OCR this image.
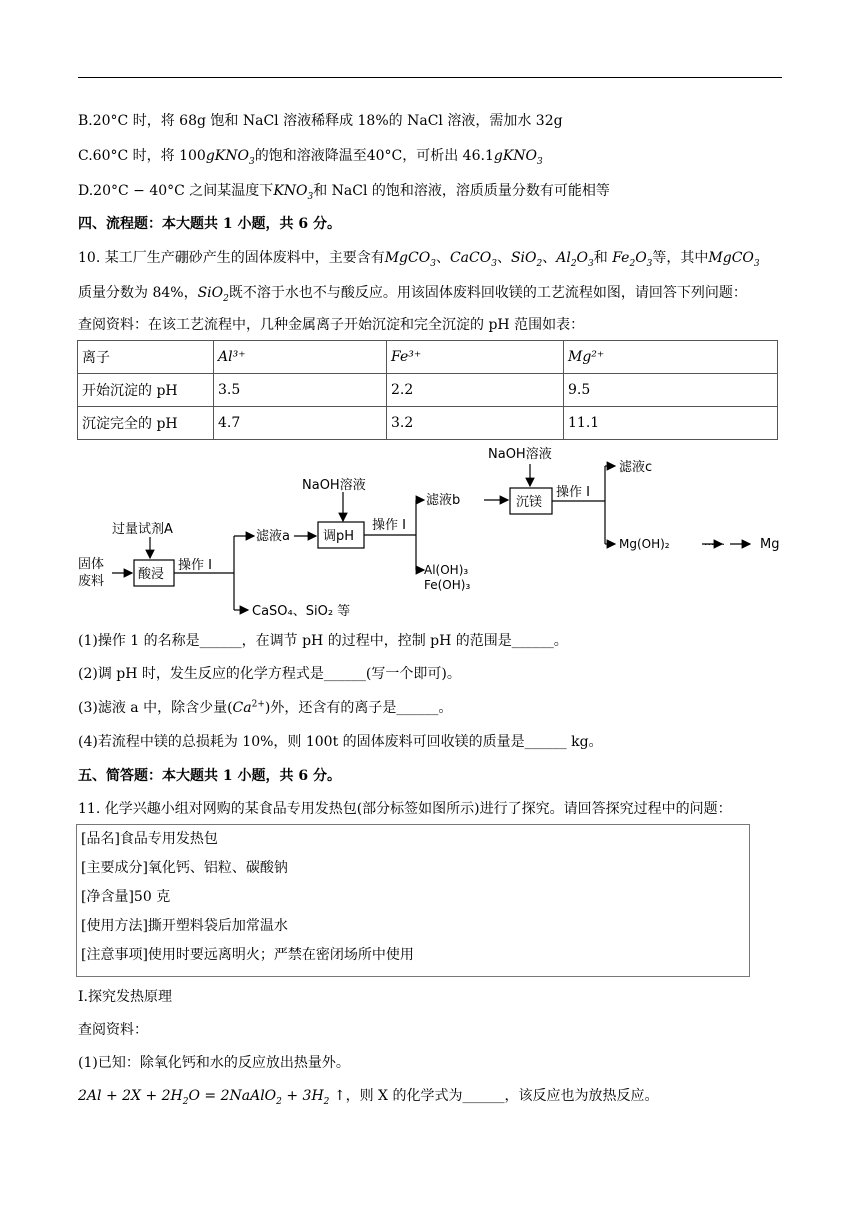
B.20°C 时，将 68g 饱和 NaCl 溶液稀释成 18%的 NaCl 溶液，需加水 32g
C.60°C 时，将 100gKNO$_3$的饱和溶液降温至40°C，可析出 46.1gKNO$_3$
D.20°C − 40°C 之间某温度下$KNO_3$和 NaCl 的饱和溶液，溶质质量分数有可能相等
四、流程题：本大题共 1 小题，共 6 分。
10. 某工厂生产硼砂产生的固体废料中，主要含有MgCO$_3$、CaCO$_3$、SiO$_2$、$Al_2O_3$和 $Fe_2O_3$等，其中MgCO$_3$
质量分数为 84%，SiO$_2$既不溶于水也不与酸反应。用该固体废料回收镁的工艺流程如图，请回答下列问题：
查阅资料：在该工艺流程中，几种金属离子开始沉淀和完全沉淀的 pH 范围如表：
离子	Al³⁺	Fe³⁺	Mg²⁺
开始沉淀的 pH	3.5	2.2	9.5
沉淀完全的 pH	4.7	3.2	11.1
固体
废料
过量试剂A
酸浸
操作 I
滤液a
NaOH溶液
调pH
操作 I
滤液b
NaOH溶液
沉镁
操作 I
滤液c
Mg(OH)₂	······	Mg
Al(OH)₃
Fe(OH)₃
CaSO₄、SiO₂ 等
(1)操作 1 的名称是______，在调节 pH 的过程中，控制 pH 的范围是______。
(2)调 pH 时，发生反应的化学方程式是______(写一个即可)。
(3)滤液 a 中，除含少量$(Ca^{2+})$外，还含有的离子是______。
(4)若流程中镁的总损耗为 10%，则 100t 的固体废料可回收镁的质量是______ kg。
五、简答题：本大题共 1 小题，共 6 分。
11. 化学兴趣小组对网购的某食品专用发热包(部分标签如图所示)进行了探究。请回答探究过程中的问题：
[品名]食品专用发热包
[主要成分]氧化钙、铝粒、碳酸钠
[净含量]50 克
[使用方法]撕开塑料袋后加常温水
[注意事项]使用时要远离明火；严禁在密闭场所中使用
Ⅰ.探究发热原理
查阅资料：
(1)已知：除氧化钙和水的反应放出热量外。
$2Al + 2X + 2H_2O$ = 2NaAlO$_2$ + $3H_2$ ↑，则 X 的化学式为______，该反应也为放热反应。
